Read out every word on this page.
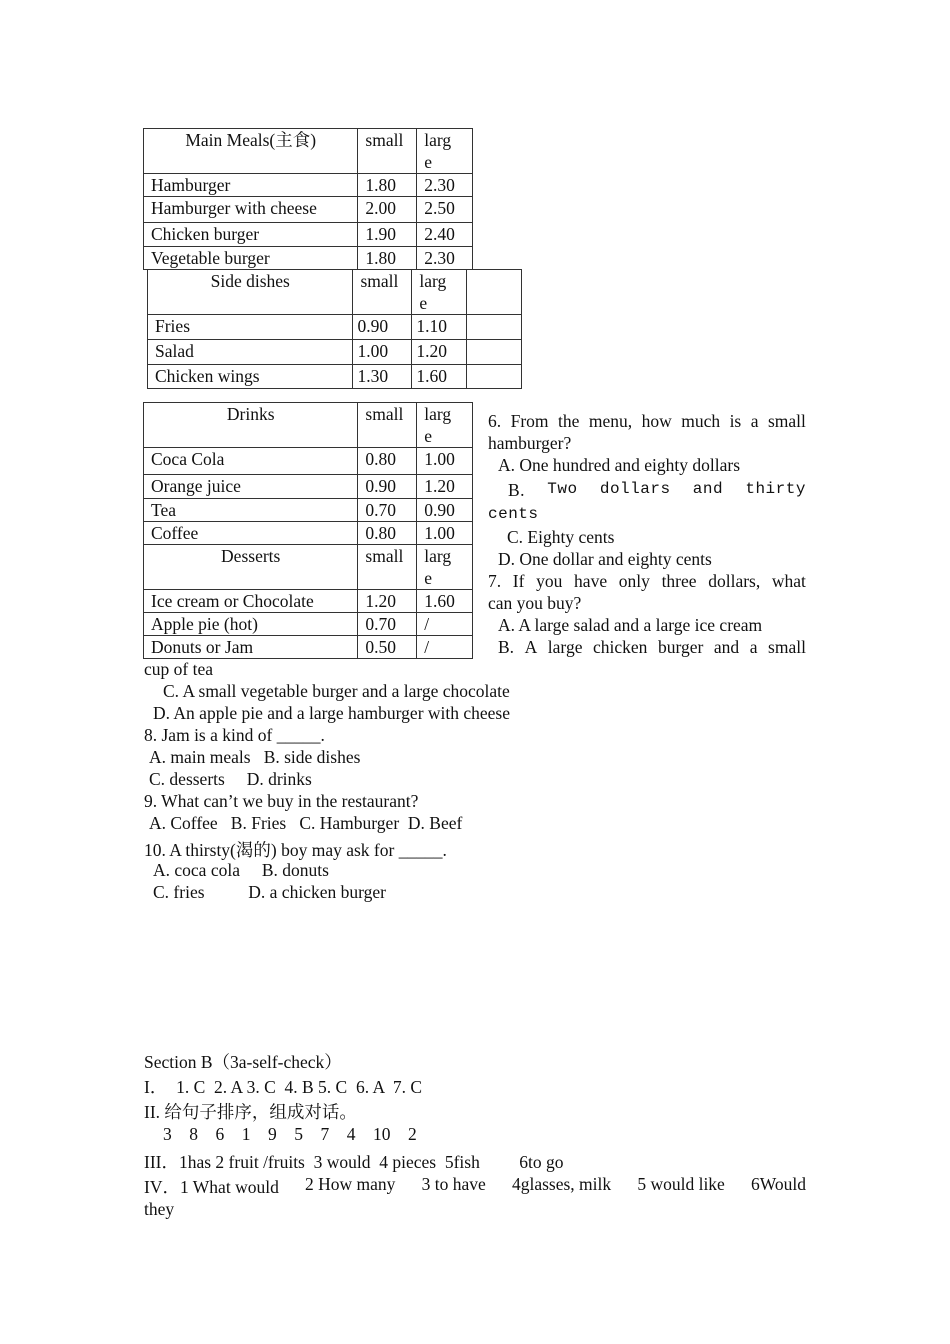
Main Meals(主食)	small	larg
e
Hamburger	1.80	2.30
Hamburger with cheese	2.00	2.50
Chicken burger	1.90	2.40
Vegetable burger	1.80	2.30
Side dishes	small	larg
e	
Fries	0.90	1.10	
Salad	1.00	1.20	
Chicken wings	1.30	1.60	
Drinks	small	larg
e
Coca Cola	0.80	1.00
Orange juice	0.90	1.20
Tea	0.70	0.90
Coffee	0.80	1.00
Desserts	small	larg
e
Ice cream or Chocolate	1.20	1.60
Apple pie (hot)	0.70	/
Donuts or Jam	0.50	/
6. From the menu, how much is a small
hamburger?
A. One hundred and eighty dollars
B. Two dollars and thirty
cents
C. Eighty cents
D. One dollar and eighty cents
7. If you have only three dollars, what
can you buy?
A. A large salad and a large ice cream
B. A large chicken burger and a small
cup of tea
C. A small vegetable burger and a large chocolate
D. An apple pie and a large hamburger with cheese
8. Jam is a kind of _____.
A. main meals   B. side dishes
C. desserts     D. drinks
9. What can’t we buy in the restaurant?
A. Coffee   B. Fries   C. Hamburger  D. Beef
10. A thirsty(渴的) boy may ask for _____.
A. coca cola     B. donuts
C. fries          D. a chicken burger
Section B（3a-self-check）
I．  1. C  2. A 3. C  4. B 5. C  6. A  7. C
II. 给句子排序，组成对话。
3    8    6    1    9    5    7    4    10    2
III．1has 2 fruit /fruits  3 would  4 pieces  5fish         6to go
IV．1 What would 2 How many 3 to have 4glasses, milk 5 would like 6Would
they
